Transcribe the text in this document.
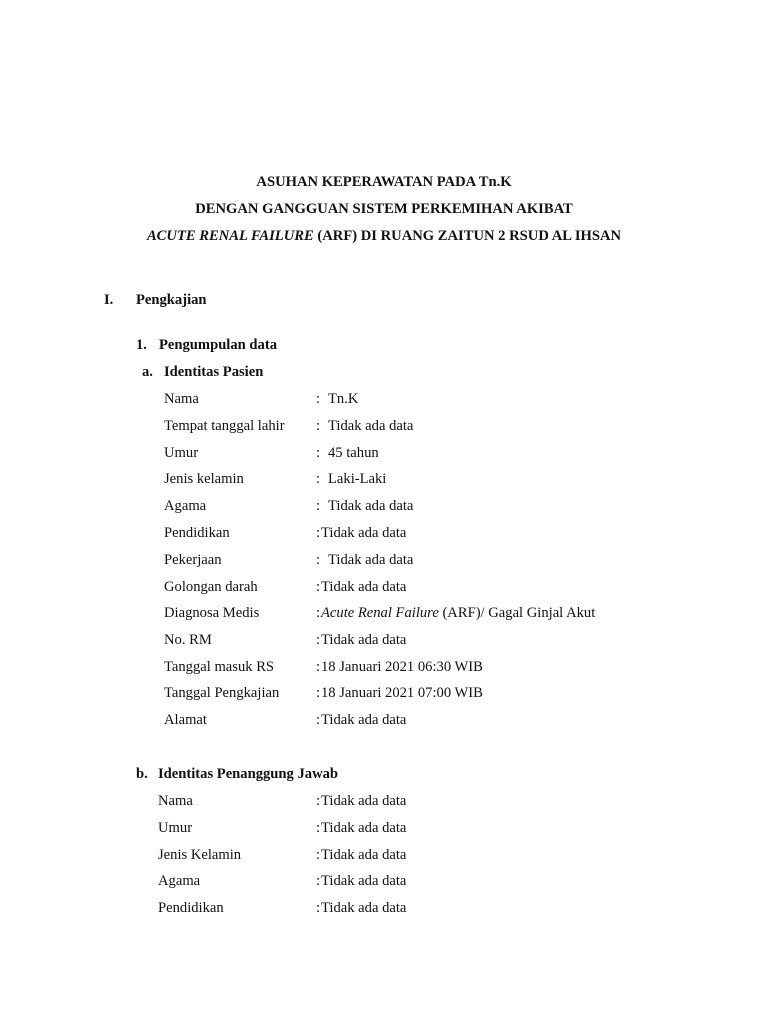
ASUHAN KEPERAWATAN PADA Tn.K
DENGAN GANGGUAN SISTEM PERKEMIHAN AKIBAT
ACUTE RENAL FAILURE (ARF) DI RUANG ZAITUN 2 RSUD AL IHSAN
I. Pengkajian
1. Pengumpulan data
a. Identitas Pasien
Nama	: Tn.K
Tempat tanggal lahir : Tidak ada data
Umur	: 45 tahun
Jenis kelamin	: Laki-Laki
Agama	: Tidak ada data
Pendidikan	: Tidak ada data
Pekerjaan	: Tidak ada data
Golongan darah	: Tidak ada data
Diagnosa Medis	: Acute Renal Failure (ARF)/ Gagal Ginjal Akut
No. RM	: Tidak ada data
Tanggal masuk RS	: 18 Januari 2021 06:30 WIB
Tanggal Pengkajian	: 18 Januari 2021 07:00 WIB
Alamat	: Tidak ada data
b. Identitas Penanggung Jawab
Nama	: Tidak ada data
Umur	: Tidak ada data
Jenis Kelamin	: Tidak ada data
Agama	: Tidak ada data
Pendidikan	: Tidak ada data
